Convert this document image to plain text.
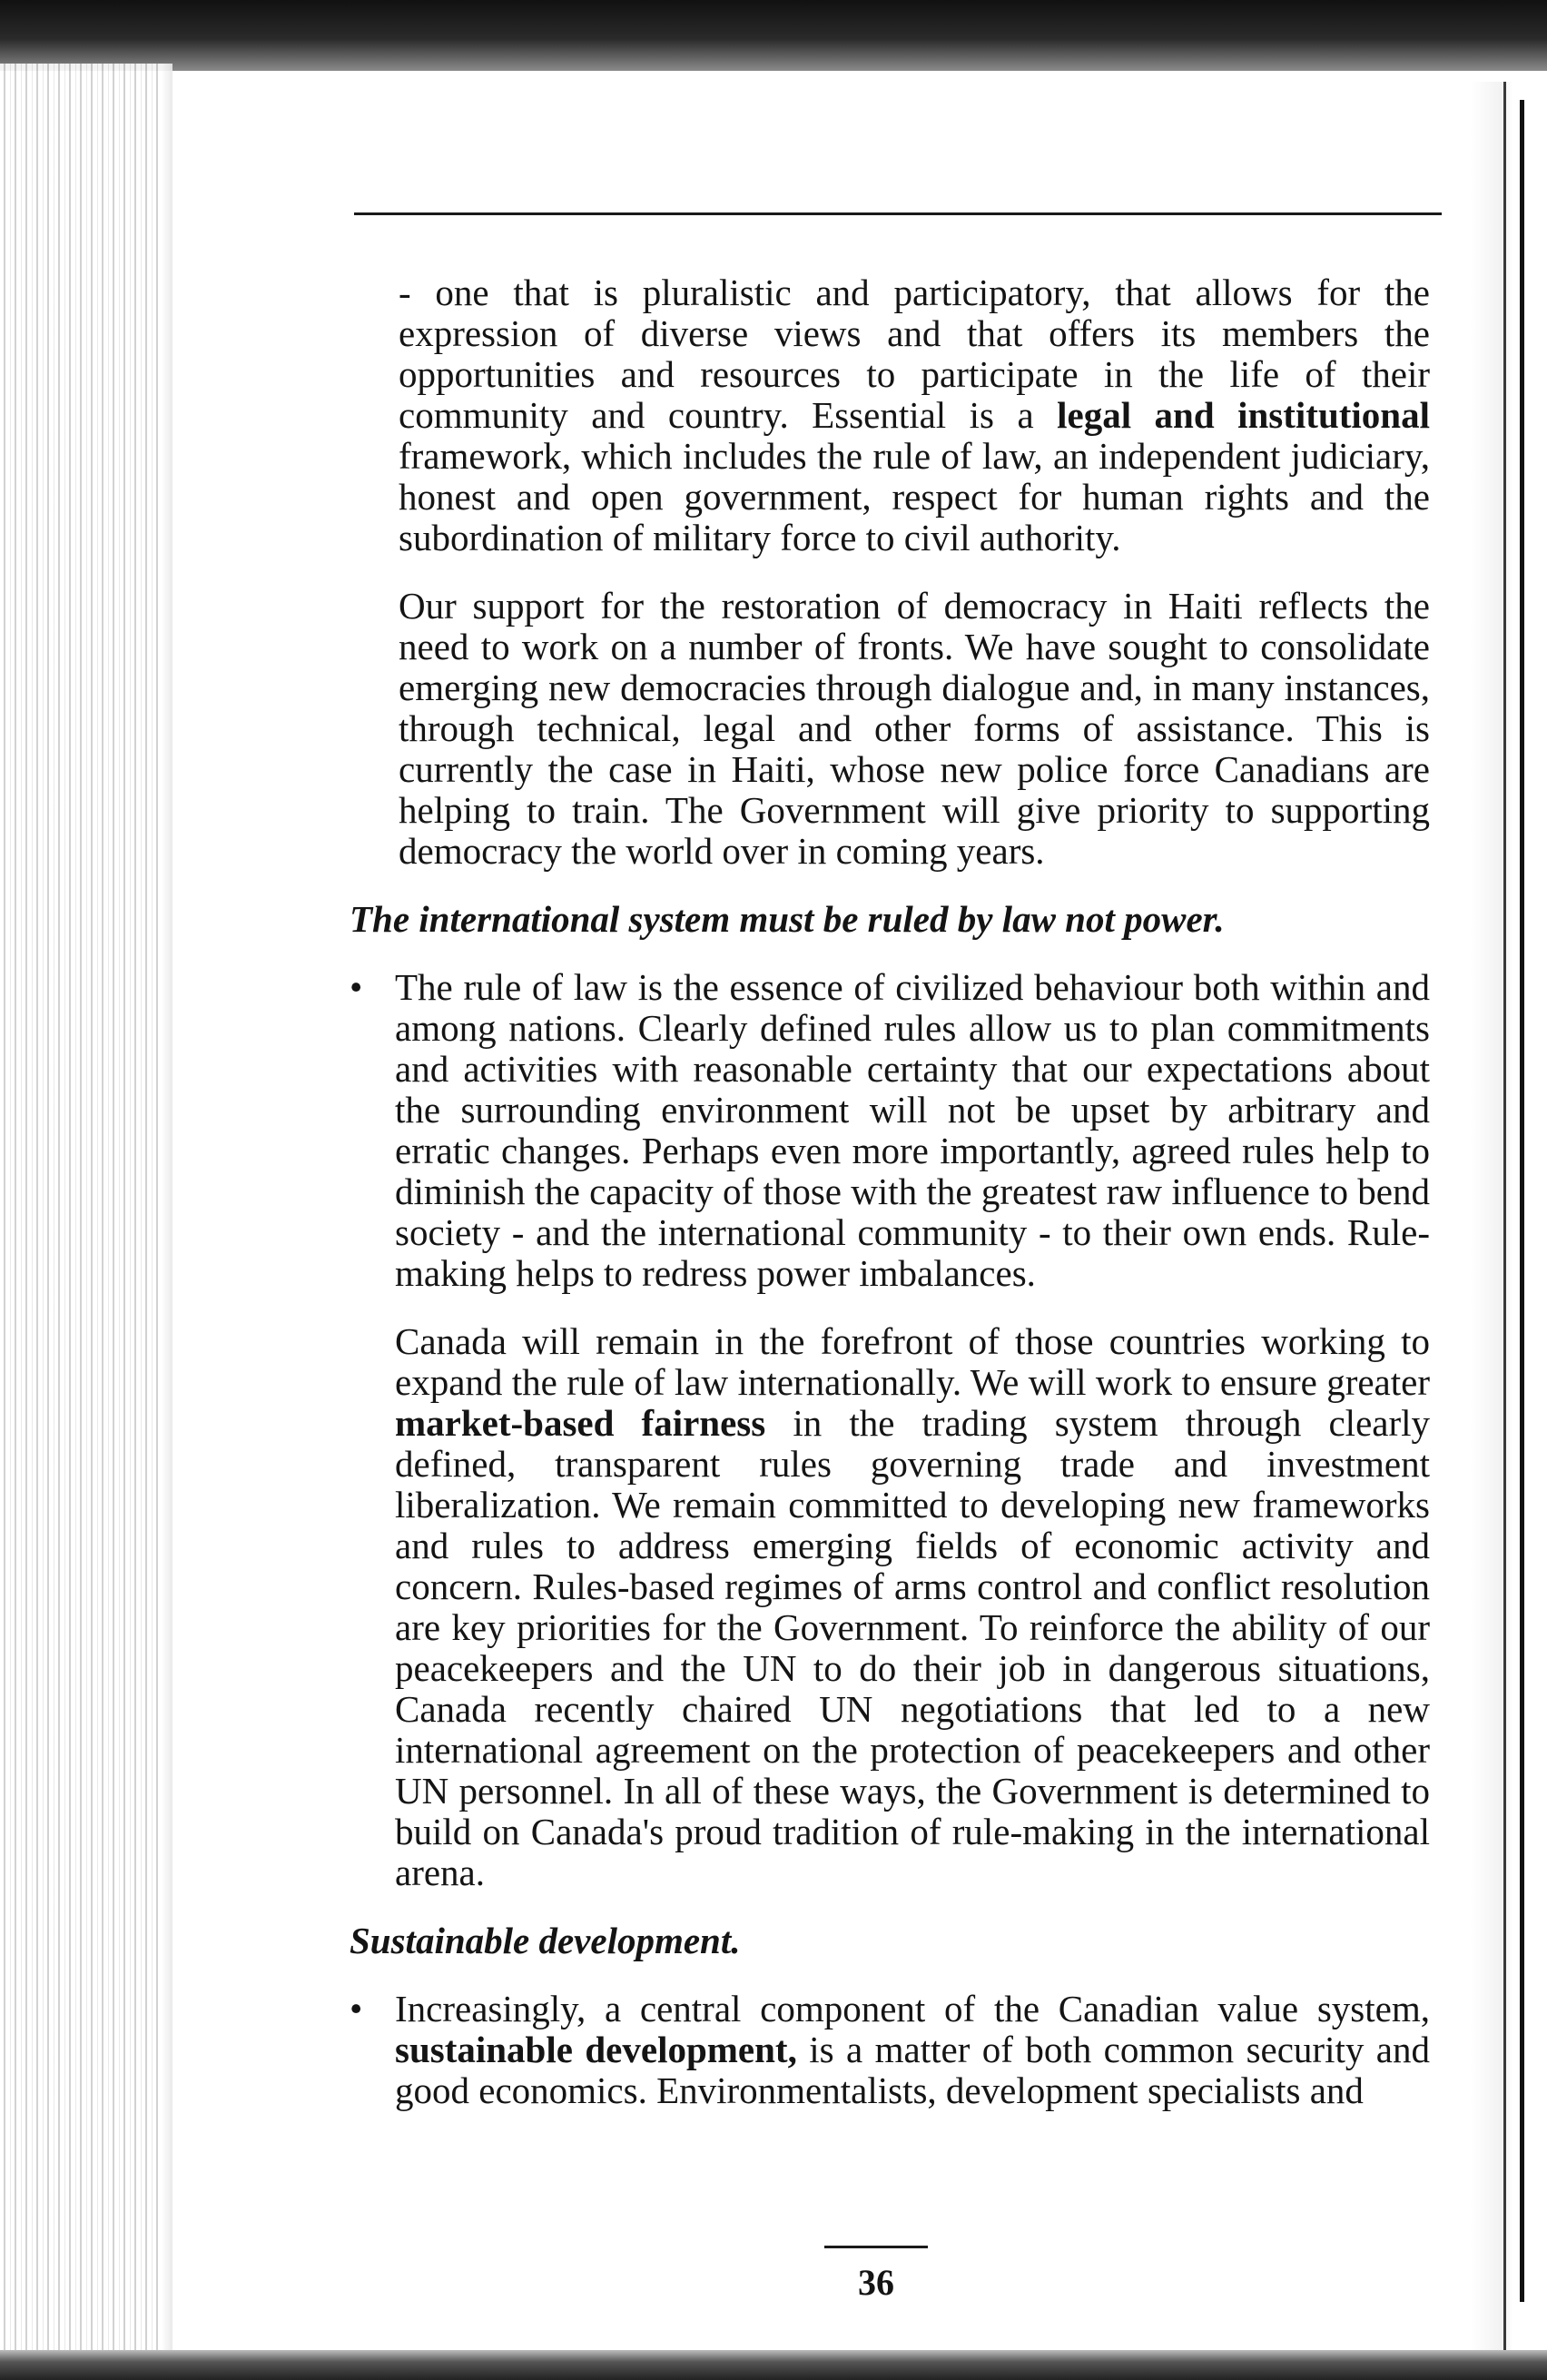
- one that is pluralistic and participatory, that allows for the expression of diverse views and that offers its members the opportunities and resources to participate in the life of their community and country. Essential is a legal and institutional framework, which includes the rule of law, an independent judiciary, honest and open government, respect for human rights and the subordination of military force to civil authority.

Our support for the restoration of democracy in Haiti reflects the need to work on a number of fronts. We have sought to consolidate emerging new democracies through dialogue and, in many instances, through technical, legal and other forms of assistance. This is currently the case in Haiti, whose new police force Canadians are helping to train. The Government will give priority to supporting democracy the world over in coming years.

The international system must be ruled by law not power.

• The rule of law is the essence of civilized behaviour both within and among nations. Clearly defined rules allow us to plan commitments and activities with reasonable certainty that our expectations about the surrounding environment will not be upset by arbitrary and erratic changes. Perhaps even more importantly, agreed rules help to diminish the capacity of those with the greatest raw influence to bend society - and the international community - to their own ends. Rule-making helps to redress power imbalances.

Canada will remain in the forefront of those countries working to expand the rule of law internationally. We will work to ensure greater market-based fairness in the trading system through clearly defined, transparent rules governing trade and investment liberalization. We remain committed to developing new frameworks and rules to address emerging fields of economic activity and concern. Rules-based regimes of arms control and conflict resolution are key priorities for the Government. To reinforce the ability of our peacekeepers and the UN to do their job in dangerous situations, Canada recently chaired UN negotiations that led to a new international agreement on the protection of peacekeepers and other UN personnel. In all of these ways, the Government is determined to build on Canada's proud tradition of rule-making in the international arena.

Sustainable development.

• Increasingly, a central component of the Canadian value system, sustainable development, is a matter of both common security and good economics. Environmentalists, development specialists and

36
